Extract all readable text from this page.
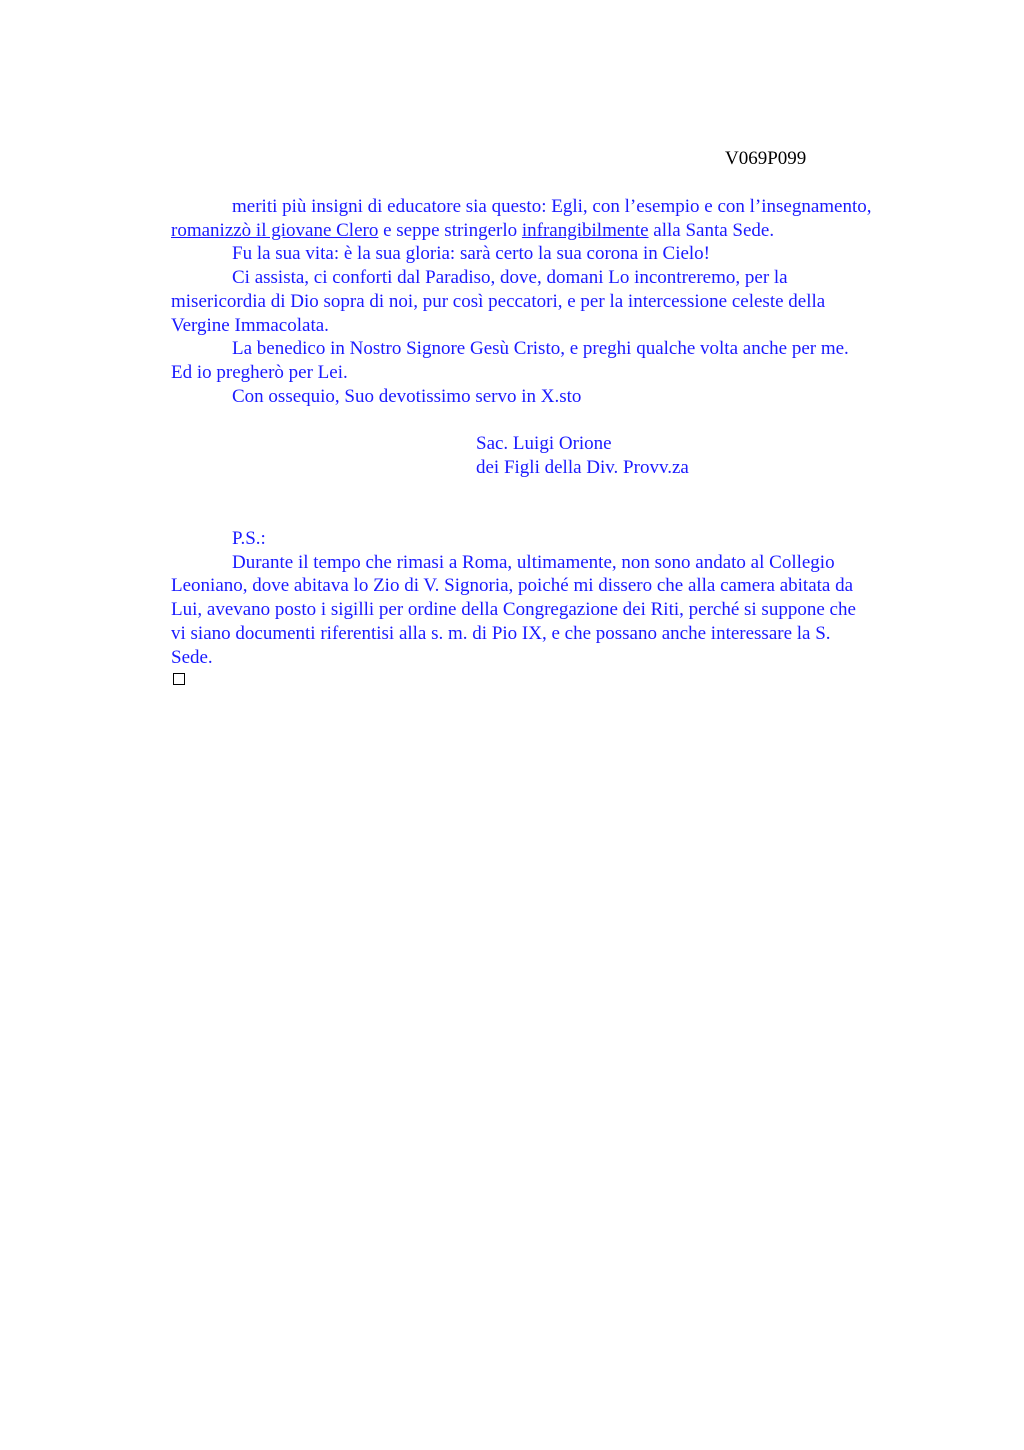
V069P099

meriti più insigni di educatore sia questo: Egli, con l’esempio e con l’insegnamento,
romanizzò il giovane Clero e seppe stringerlo infrangibilmente alla Santa Sede.

Fu la sua vita: è la sua gloria: sarà certo la sua corona in Cielo!

Ci assista, ci conforti dal Paradiso, dove, domani Lo incontreremo, per la
misericordia di Dio sopra di noi, pur così peccatori, e per la intercessione celeste della
Vergine Immacolata.

La benedico in Nostro Signore Gesù Cristo, e preghi qualche volta anche per me.
Ed io pregherò per Lei.

Con ossequio, Suo devotissimo servo in X.sto

Sac. Luigi Orione
dei Figli della Div. Provv.za

P.S.:

Durante il tempo che rimasi a Roma, ultimamente, non sono andato al Collegio
Leoniano, dove abitava lo Zio di V. Signoria, poiché mi dissero che alla camera abitata da
Lui, avevano posto i sigilli per ordine della Congregazione dei Riti, perché si suppone che
vi siano documenti riferentisi alla s. m. di Pio IX, e che possano anche interessare la S.
Sede.
